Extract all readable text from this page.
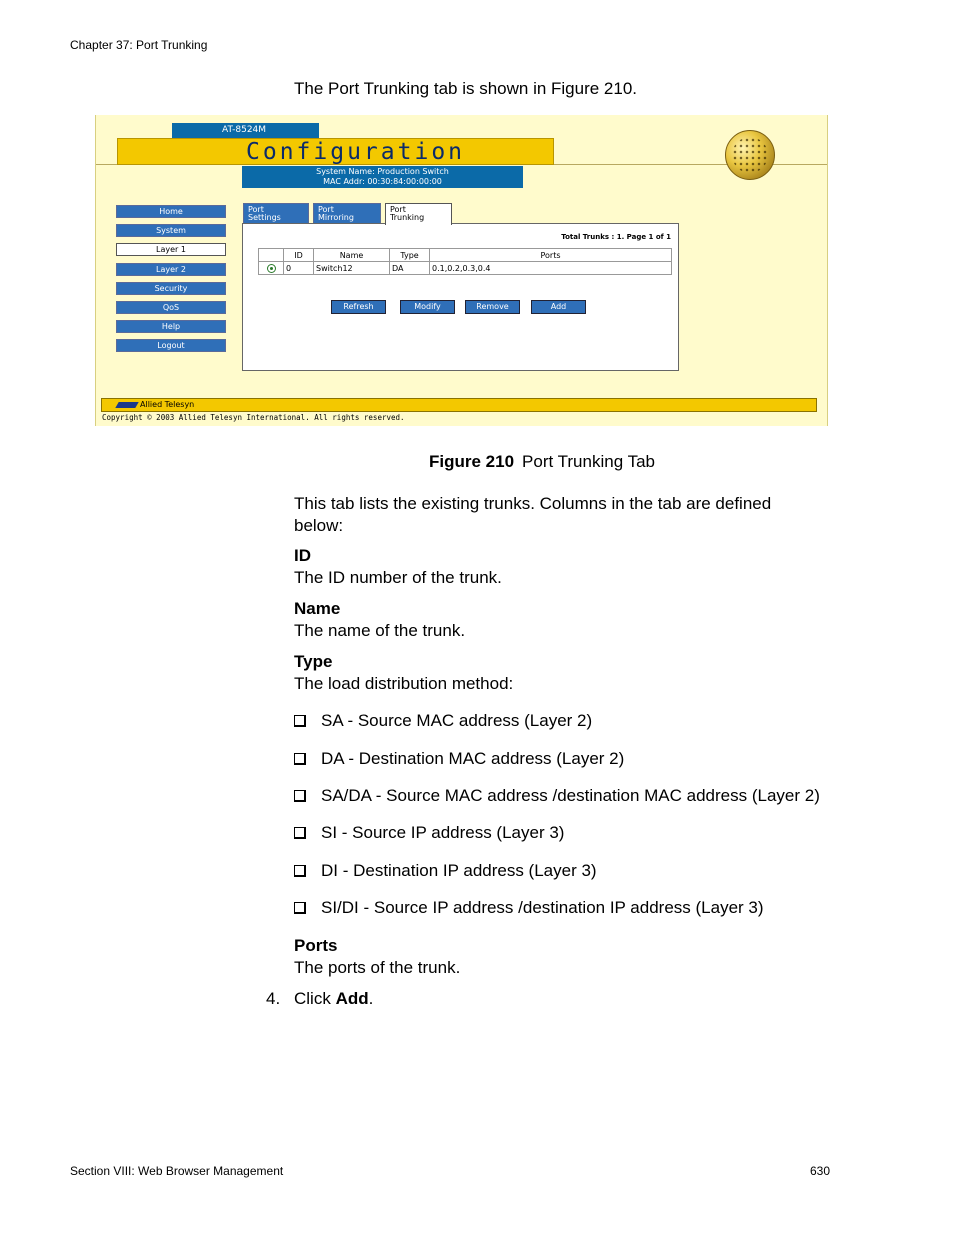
Chapter 37: Port Trunking
The Port Trunking tab is shown in Figure 210.
AT-8524M
Configuration
System Name: Production Switch
MAC Addr: 00:30:84:00:00:00
Home
System
Layer 1
Layer 2
Security
QoS
Help
Logout
Port
Settings
Port
Mirroring
Total Trunks : 1. Page 1 of 1
	ID	Name	Type	Ports
	0	Switch12	DA	0.1,0.2,0.3,0.4
Refresh	Modify	Remove	Add
Port
Trunking
Allied Telesyn
Copyright © 2003 Allied Telesyn International. All rights reserved.
Figure 210 Port Trunking Tab
This tab lists the existing trunks. Columns in the tab are defined below:
ID
The ID number of the trunk.
Name
The name of the trunk.
Type
The load distribution method:
SA - Source MAC address (Layer 2)
DA - Destination MAC address (Layer 2)
SA/DA - Source MAC address /destination MAC address (Layer 2)
SI - Source IP address (Layer 3)
DI - Destination IP address (Layer 3)
SI/DI - Source IP address /destination IP address (Layer 3)
Ports
The ports of the trunk.
4. Click Add.
Section VIII: Web Browser Management	630
